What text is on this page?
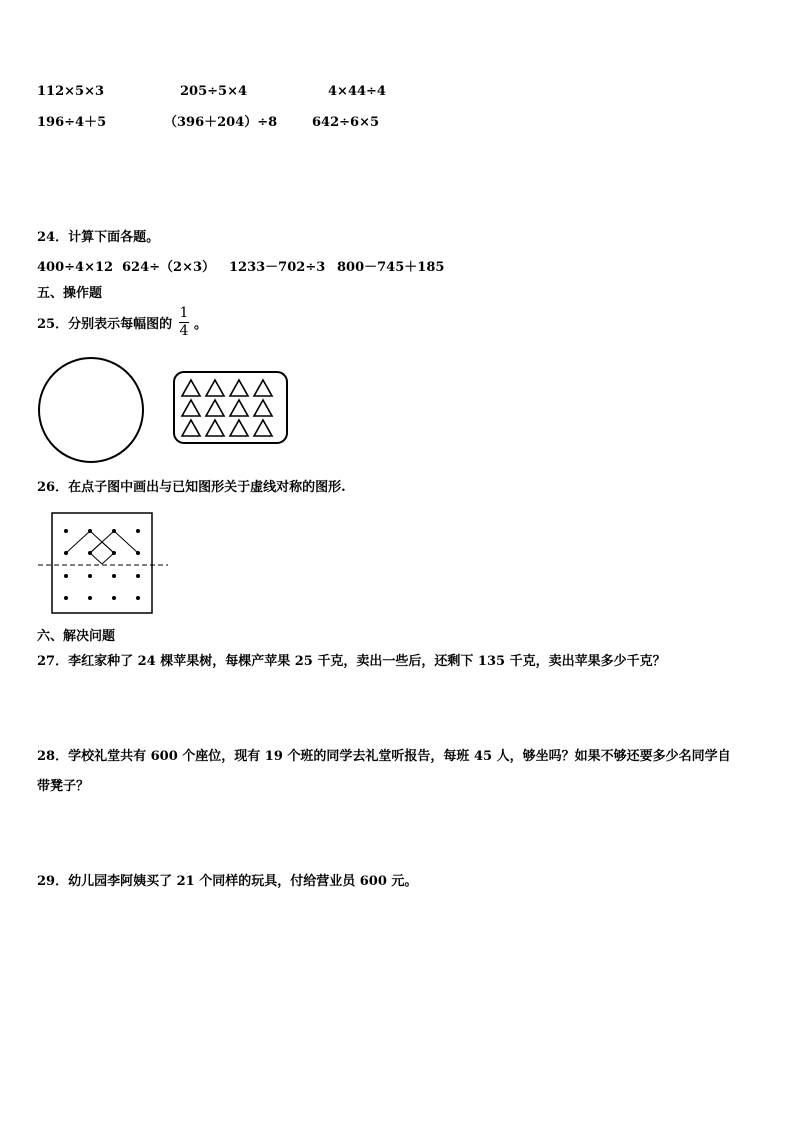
112×5×3	205÷5×4	4×44÷4
196÷4＋5	（396＋204）÷8	642÷6×5
24．计算下面各题。
400÷4×12 624÷（2×3） 1233－702÷3 800－745＋185
五、操作题
25．分别表示每幅图的
1
4 。
26．在点子图中画出与已知图形关于虚线对称的图形.
六、解决问题
27．李红家种了 24 棵苹果树，每棵产苹果 25 千克，卖出一些后，还剩下 135 千克，卖出苹果多少千克？
28．学校礼堂共有 600 个座位，现有 19 个班的同学去礼堂听报告，每班 45 人，够坐吗？如果不够还要多少名同学自
带凳子？
29．幼儿园李阿姨买了 21 个同样的玩具，付给营业员 600 元。
